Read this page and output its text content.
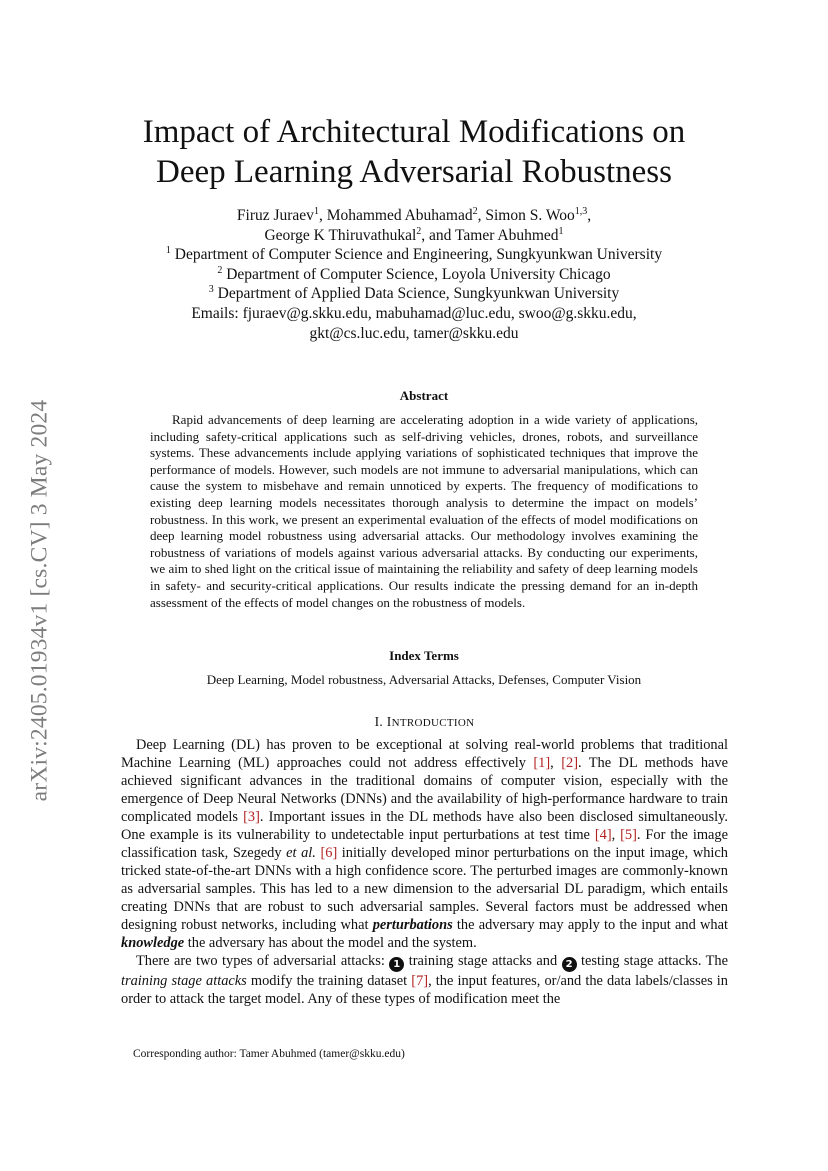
arXiv:2405.01934v1 [cs.CV] 3 May 2024
Impact of Architectural Modifications on
Deep Learning Adversarial Robustness
Firuz Juraev$^1$, Mohammed Abuhamad$^2$, Simon S. Woo$^{1,3}$,
George K Thiruvathukal$^2$, and Tamer Abuhmed$^1$
$^1$ Department of Computer Science and Engineering, Sungkyunkwan University
$^2$ Department of Computer Science, Loyola University Chicago
$^3$ Department of Applied Data Science, Sungkyunkwan University
Emails: fjuraev@g.skku.edu, mabuhamad@luc.edu, swoo@g.skku.edu,
gkt@cs.luc.edu, tamer@skku.edu
Abstract

Rapid advancements of deep learning are accelerating adoption in a wide variety of applications, including safety-critical applications such as self-driving vehicles, drones, robots, and surveillance systems. These advancements include applying variations of sophisticated techniques that improve the performance of models. However, such models are not immune to adversarial manipulations, which can cause the system to misbehave and remain unnoticed by experts. The frequency of modifications to existing deep learning models necessitates thorough analysis to determine the impact on models’ robustness. In this work, we present an experimental evaluation of the effects of model modifications on deep learning model robustness using adversarial attacks. Our methodology involves examining the robustness of variations of models against various adversarial attacks. By conducting our experiments, we aim to shed light on the critical issue of maintaining the reliability and safety of deep learning models in safety- and security-critical applications. Our results indicate the pressing demand for an in-depth assessment of the effects of model changes on the robustness of models.

Index Terms
Deep Learning, Model robustness, Adversarial Attacks, Defenses, Computer Vision
I. INTRODUCTION

Deep Learning (DL) has proven to be exceptional at solving real-world problems that traditional Machine Learning (ML) approaches could not address effectively [1], [2]. The DL methods have achieved significant advances in the traditional domains of computer vision, especially with the emergence of Deep Neural Networks (DNNs) and the availability of high-performance hardware to train complicated models [3]. Important issues in the DL methods have also been disclosed simultaneously. One example is its vulnerability to undetectable input perturbations at test time [4], [5]. For the image classification task, Szegedy et al. [6] initially developed minor perturbations on the input image, which tricked state-of-the-art DNNs with a high confidence score. The perturbed images are commonly-known as adversarial samples. This has led to a new dimension to the adversarial DL paradigm, which entails creating DNNs that are robust to such adversarial samples. Several factors must be addressed when designing robust networks, including what perturbations the adversary may apply to the input and what knowledge the adversary has about the model and the system.

There are two types of adversarial attacks: 1 training stage attacks and 2 testing stage attacks. The training stage attacks modify the training dataset [7], the input features, or/and the data labels/classes in order to attack the target model. Any of these types of modification meet the

Corresponding author: Tamer Abuhmed (tamer@skku.edu)
